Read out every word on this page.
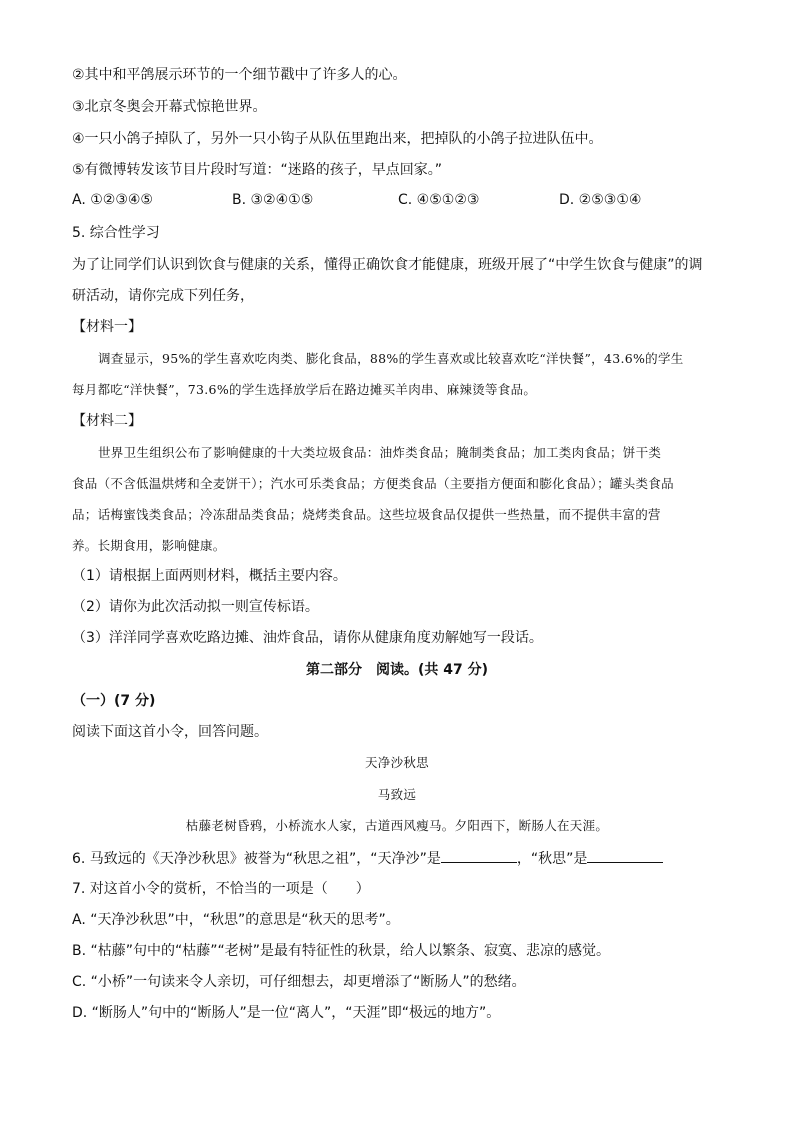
②其中和平鸽展示环节的一个细节戳中了许多人的心。
③北京冬奥会开幕式惊艳世界。
④一只小鸽子掉队了，另外一只小钩子从队伍里跑出来，把掉队的小鸽子拉进队伍中。
⑤有微博转发该节目片段时写道：“迷路的孩子，早点回家。”
A. ①②③④⑤	B. ③②④①⑤	C. ④⑤①②③	D. ②⑤③①④
5. 综合性学习
为了让同学们认识到饮食与健康的关系，懂得正确饮食才能健康，班级开展了“中学生饮食与健康”的调
研活动，请你完成下列任务，
【材料一】
调查显示，95%的学生喜欢吃肉类、膨化食品，88%的学生喜欢或比较喜欢吃“洋快餐”，43.6%的学生
每月都吃“洋快餐”，73.6%的学生选择放学后在路边摊买羊肉串、麻辣烫等食品。
【材料二】
世界卫生组织公布了影响健康的十大类垃圾食品：油炸类食品；腌制类食品；加工类肉食品；饼干类
食品（不含低温烘烤和全麦饼干）；汽水可乐类食品；方便类食品（主要指方便面和膨化食品）；罐头类食品
品；话梅蜜饯类食品；冷冻甜品类食品；烧烤类食品。这些垃圾食品仅提供一些热量，而不提供丰富的营
养。长期食用，影响健康。
（1）请根据上面两则材料，概括主要内容。
（2）请你为此次活动拟一则宣传标语。
（3）洋洋同学喜欢吃路边摊、油炸食品，请你从健康角度劝解她写一段话。
第二部分　阅读。(共 47 分)
（一）(7 分)
阅读下面这首小令，回答问题。
天净沙秋思
马致远
枯藤老树昏鸦，小桥流水人家，古道西风瘦马。夕阳西下，断肠人在天涯。
6. 马致远的《天净沙秋思》被誉为“秋思之祖”，“天净沙”是	，“秋思”是
7. 对这首小令的赏析，不恰当的一项是（　　）
A. “天净沙秋思”中，“秋思”的意思是“秋天的思考”。
B. “枯藤”句中的“枯藤”“老树”是最有特征性的秋景，给人以繁条、寂寞、悲凉的感觉。
C. “小桥”一句读来令人亲切，可仔细想去，却更增添了“断肠人”的愁绪。
D. “断肠人”句中的“断肠人”是一位“离人”，“天涯”即“极远的地方”。
